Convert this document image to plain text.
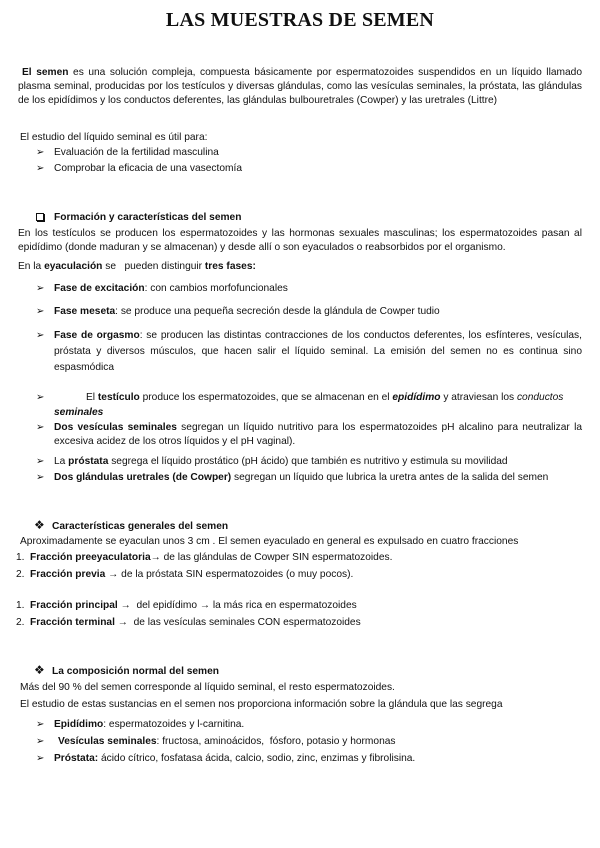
LAS MUESTRAS DE SEMEN
El semen es una solución compleja, compuesta básicamente por espermatozoides suspendidos en un líquido llamado plasma seminal, producidas por los testículos y diversas glándulas, como las vesículas seminales, la próstata, las glándulas de los epidídimos y los conductos deferentes, las glándulas bulbouretrales (Cowper) y las uretrales (Littre)
El estudio del líquido seminal es útil para:
➢ Evaluación de la fertilidad masculina
➢ Comprobar la eficacia de una vasectomía
Formación y características del semen
En los testículos se producen los espermatozoides y las hormonas sexuales masculinas; los espermatozoides pasan al epidídimo (donde maduran y se almacenan) y desde allí o son eyaculados o reabsorbidos por el organismo.
En la eyaculación se   pueden distinguir tres fases:
➢ Fase de excitación: con cambios morfofuncionales
➢ Fase meseta: se produce una pequeña secreción desde la glándula de Cowper tudio
➢ Fase de orgasmo: se producen las distintas contracciones de los conductos deferentes, los esfínteres, vesículas, próstata y diversos músculos, que hacen salir el líquido seminal. La emisión del semen no es continua sino espasmódica
➢	El testículo produce los espermatozoides, que se almacenan en el epidídimo y atraviesan los conductos
seminales
➢ Dos vesículas seminales segregan un líquido nutritivo para los espermatozoides pH alcalino para neutralizar la excesiva acidez de los otros líquidos y el pH vaginal).
➢ La próstata segrega el líquido prostático (pH ácido) que también es nutritivo y estimula su movilidad
➢ Dos glándulas uretrales (de Cowper) segregan un líquido que lubrica la uretra antes de la salida del semen
❖ Características generales del semen
Aproximadamente se eyaculan unos 3 cm . El semen eyaculado en general es expulsado en cuatro fracciones
1. Fracción preeyaculatoria→ de las glándulas de Cowper SIN espermatozoides.
2. Fracción previa → de la próstata SIN espermatozoides (o muy pocos).
1. Fracción principal →  del epidídimo → la más rica en espermatozoides
2. Fracción terminal →  de las vesículas seminales CON espermatozoides
❖ La composición normal del semen
Más del 90 % del semen corresponde al líquido seminal, el resto espermatozoides.
El estudio de estas sustancias en el semen nos proporciona información sobre la glándula que las segrega
➢ Epidídimo: espermatozoides y l-carnitina.
➢	Vesículas seminales: fructosa, aminoácidos,  fósforo, potasio y hormonas
➢ Próstata: ácido cítrico, fosfatasa ácida, calcio, sodio, zinc, enzimas y fibrolisina.
